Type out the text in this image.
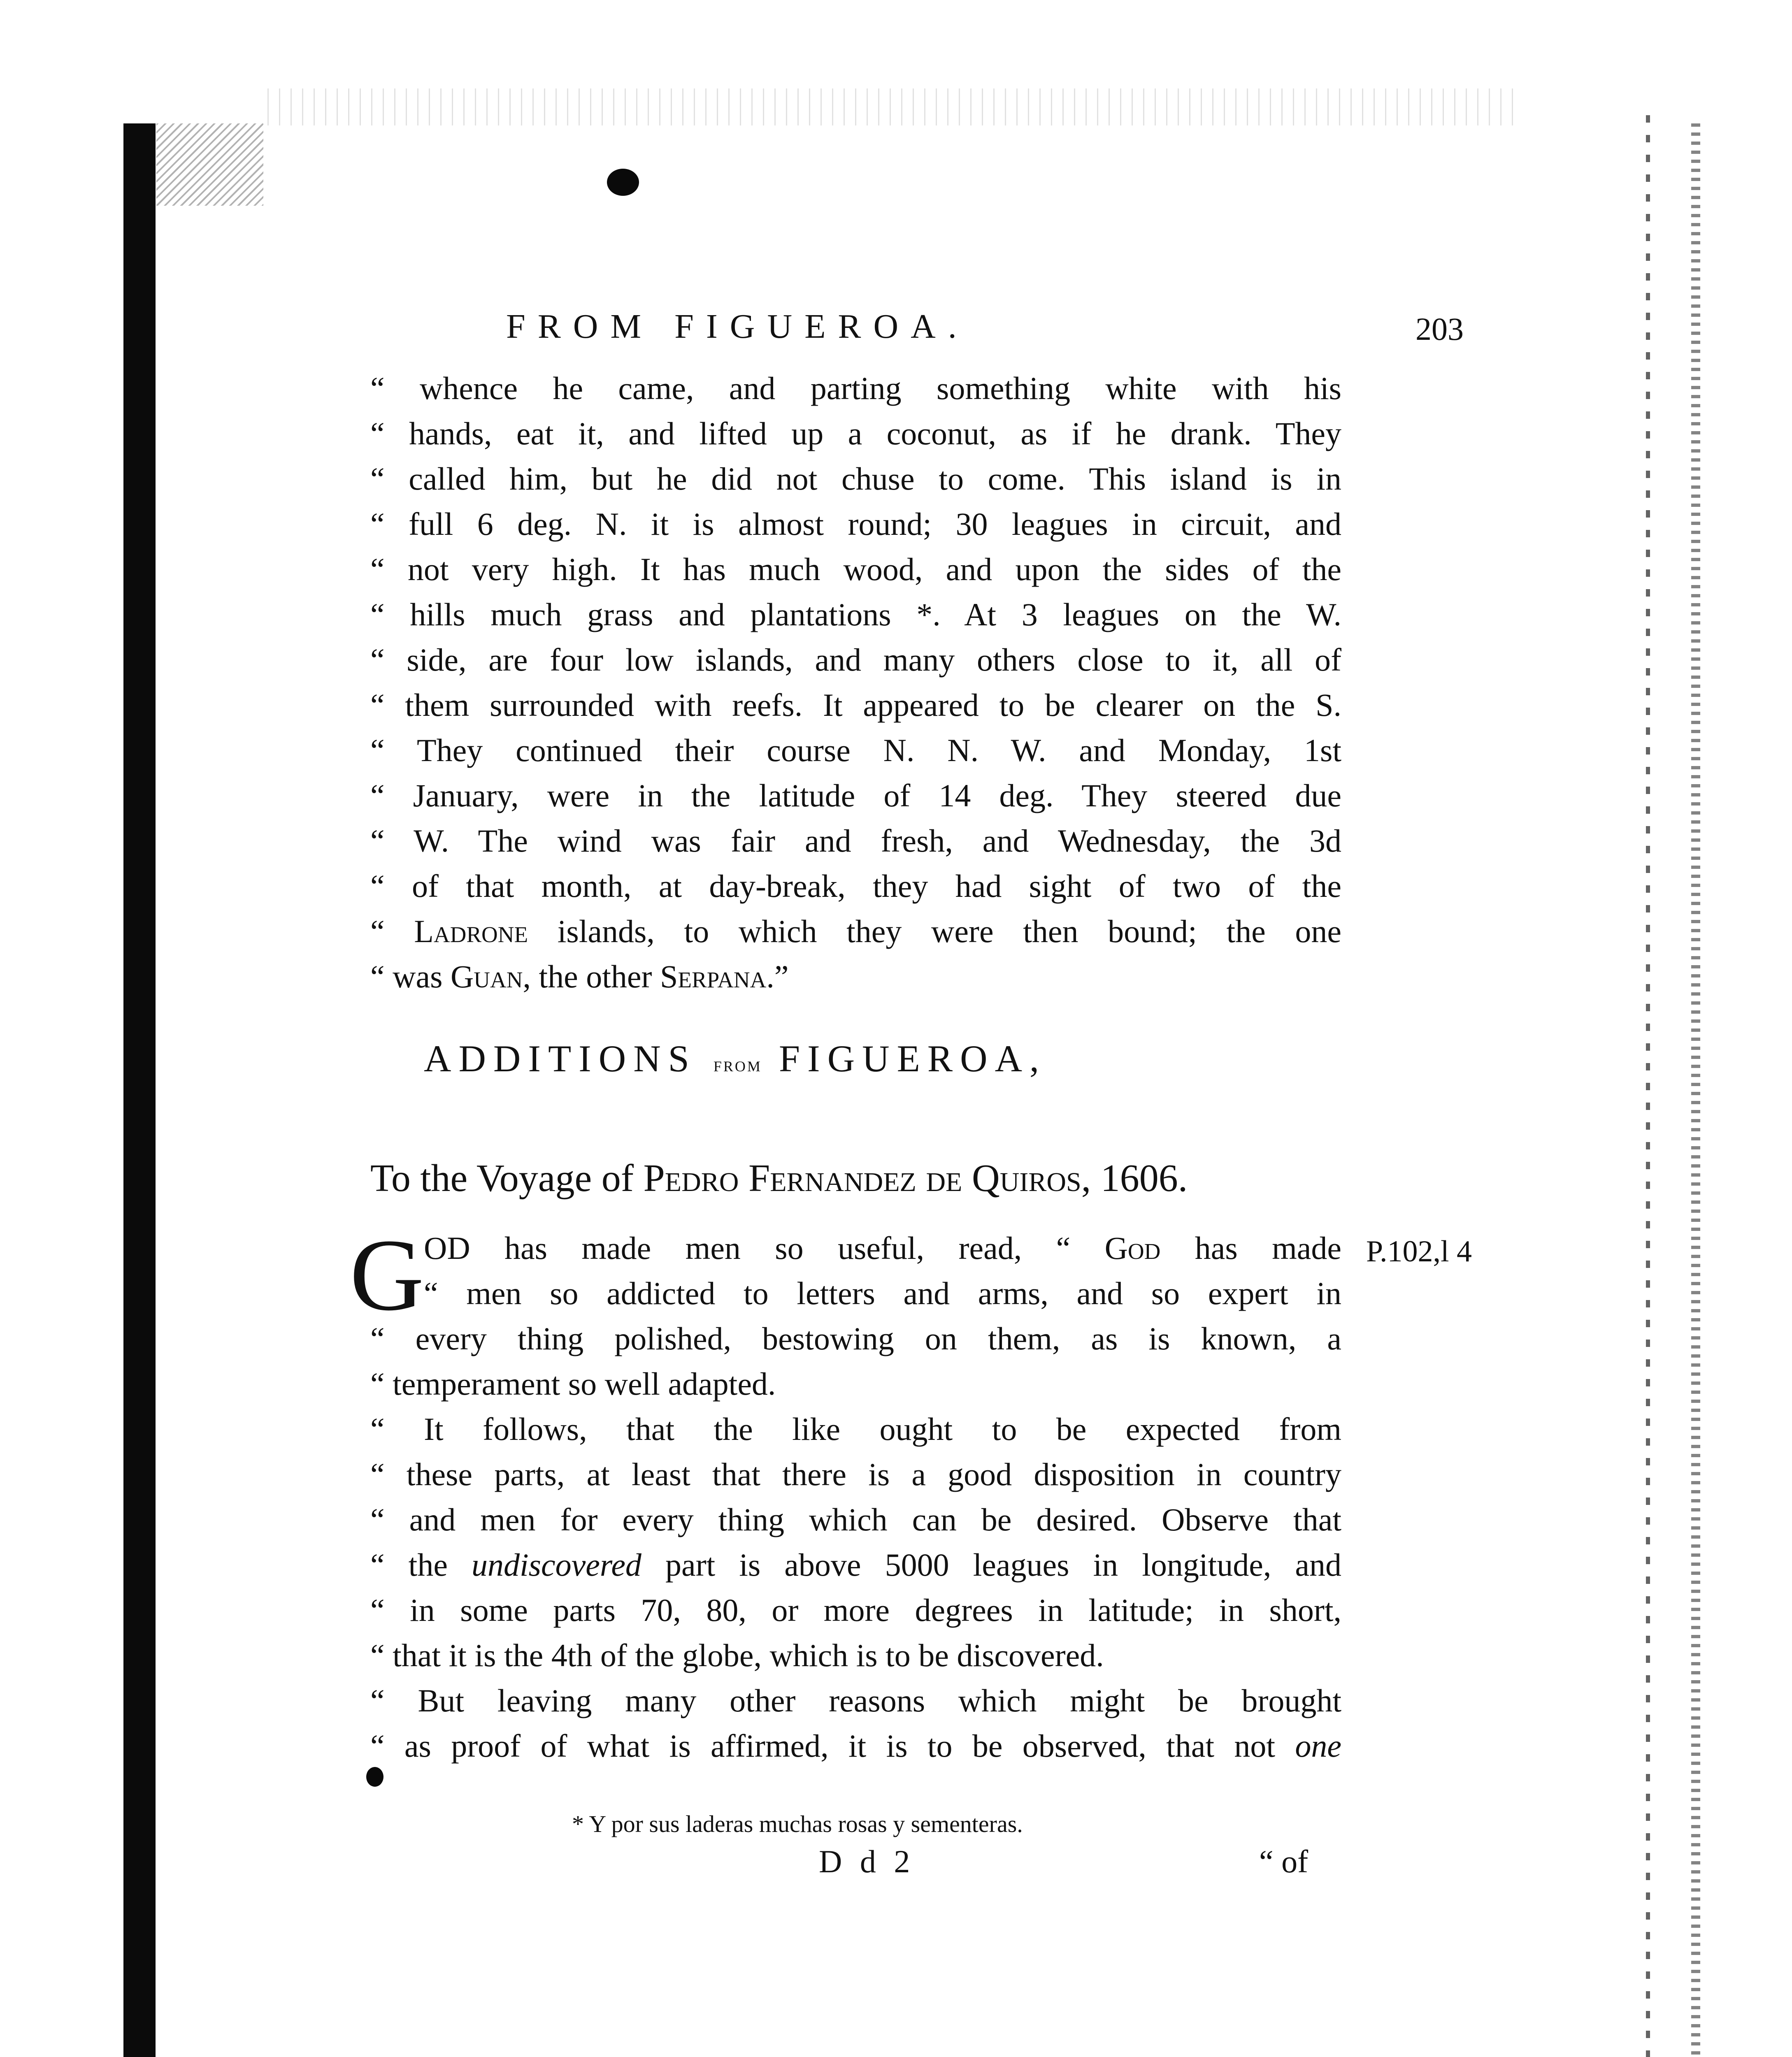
FROM FIGUEROA.	203
“ whence he came, and parting something white with his
“ hands, eat it, and lifted up a coconut, as if he drank. They
“ called him, but he did not chuse to come. This island is in
“ full 6 deg. N. it is almost round; 30 leagues in circuit, and
“ not very high. It has much wood, and upon the sides of the
“ hills much grass and plantations *. At 3 leagues on the W.
“ side, are four low islands, and many others close to it, all of
“ them surrounded with reefs. It appeared to be clearer on the S.
“ They continued their course N. N. W. and Monday, 1st
“ January, were in the latitude of 14 deg. They steered due
“ W. The wind was fair and fresh, and Wednesday, the 3d
“ of that month, at day-break, they had sight of two of the
“ Ladrone islands, to which they were then bound; the one
“ was Guan, the other Serpana.”
ADDITIONS from FIGUEROA,
To the Voyage of Pedro Fernandez de Quiros, 1606.
G OD has made men so useful, read, “ God has made
“ men so addicted to letters and arms, and so expert in
“ every thing polished, bestowing on them, as is known, a
“ temperament so well adapted.
P.102,l 4
“ It follows, that the like ought to be expected from
“ these parts, at least that there is a good disposition in country
“ and men for every thing which can be desired. Observe that
“ the undiscovered part is above 5000 leagues in longitude, and
“ in some parts 70, 80, or more degrees in latitude; in short,
“ that it is the 4th of the globe, which is to be discovered.
“ But leaving many other reasons which might be brought
“ as proof of what is affirmed, it is to be observed, that not one
* Y por sus laderas muchas rosas y sementeras.
D d 2	“ of
